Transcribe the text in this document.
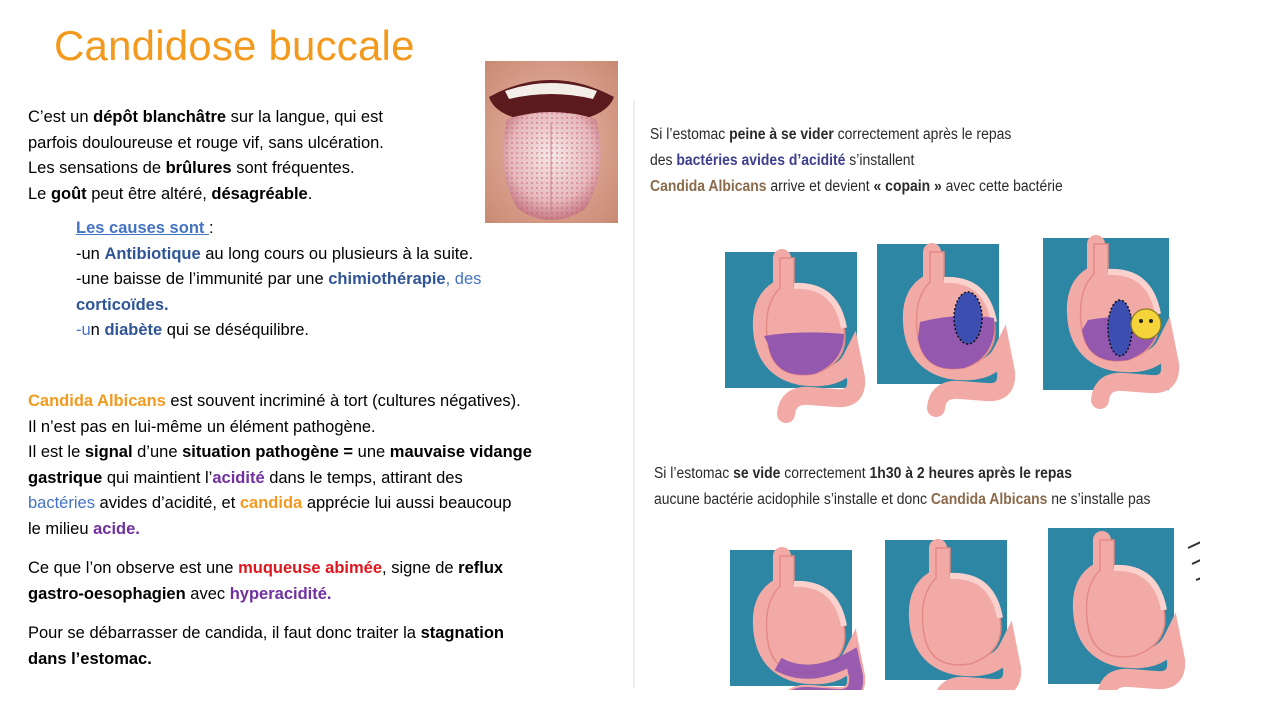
Candidose buccale
C’est un dépôt blanchâtre sur la langue, qui est
parfois douloureuse et rouge vif, sans ulcération.
Les sensations de brûlures sont fréquentes.
Le goût peut être altéré, désagréable.
Les causes sont :
-un Antibiotique au long cours ou plusieurs à la suite.
-une baisse de l’immunité par une chimiothérapie, des
corticoïdes.
-un diabète qui se déséquilibre.
Candida Albicans est souvent incriminé à tort (cultures négatives).
Il n’est pas en lui-même un élément pathogène.
Il est le signal d’une situation pathogène = une mauvaise vidange
gastrique qui maintient l’acidité dans le temps, attirant des
bactéries avides d’acidité, et candida apprécie lui aussi beaucoup
le milieu acide.
Ce que l’on observe est une muqueuse abimée, signe de reflux
gastro-oesophagien avec hyperacidité.
Pour se débarrasser de candida, il faut donc traiter la stagnation
dans l’estomac.
Si l’estomac peine à se vider correctement après le repas
des bactéries avides d’acidité s’installent
Candida Albicans arrive et devient « copain » avec cette bactérie
Si l’estomac se vide correctement 1h30 à 2 heures après le repas
aucune bactérie acidophile s’installe et donc Candida Albicans ne s’installe pas
